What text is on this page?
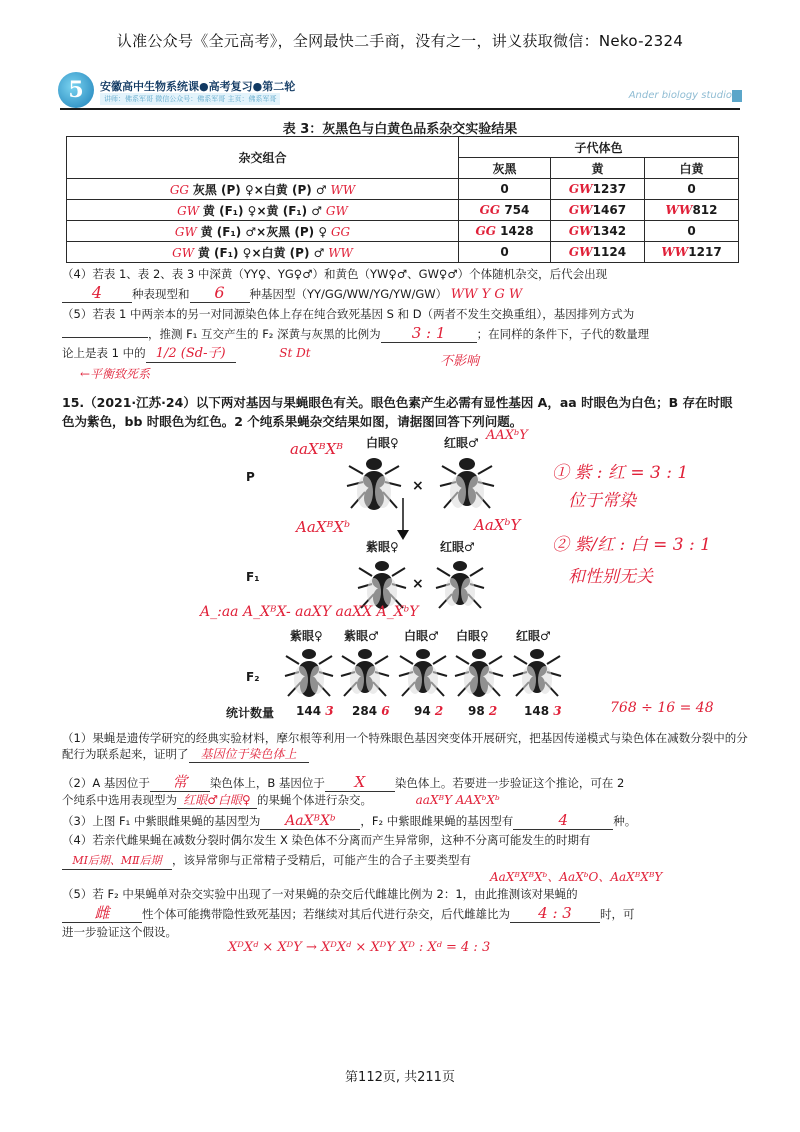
认准公众号《全元高考》，全网最快二手商，没有之一，讲义获取微信：Neko-2324
5	安徽高中生物系统课●高考复习●第二轮
讲师：佛系军哥 微信公众号：佛系军哥 主页：佛系军哥	Ander biology studio
表 3：灰黑色与白黄色品系杂交实验结果
杂交组合	子代体色		
	灰黑	黄	白黄
GG 灰黑 (P) ♀×白黄 (P) ♂ WW	0	GW1237	0
GW 黄 (F₁) ♀×黄 (F₁) ♂ GW	GG 754	GW1467	WW812
GW 黄 (F₁) ♂×灰黑 (P) ♀ GG	GG 1428	GW1342	0
GW 黄 (F₁) ♀×白黄 (P) ♂ WW	0	GW1124	WW1217
（4）若表 1、表 2、表 3 中深黄（YY♀、YG♀♂）和黄色（YW♀♂、GW♀♂）个体随机杂交，后代会出现
4	种表现型和 6 种基因型（YY/GG/WW/YG/YW/GW） WW Y G W
（5）若表 1 中两亲本的另一对同源染色体上存在纯合致死基因 S 和 D（两者不发生交换重组），基因排列方式为
，推测 F₁ 互交产生的 F₂ 深黄与灰黑的比例为 3 : 1	；在同样的条件下，子代的数量理
论上是表 1 中的 1/2 (Sd-子)	St Dt
不影响
←平衡致死系
15.（2021·江苏·24）以下两对基因与果蝇眼色有关。眼色色素产生必需有显性基因 A，aa 时眼色为白色；B 存在时眼色为紫色，bb 时眼色为红色。2 个纯系果蝇杂交结果如图，请据图回答下列问题。
P
F₁
F₂
白眼♀	红眼♂
紫眼♀	红眼♂
×
×
紫眼♀ 紫眼♂ 白眼♂ 白眼♀ 红眼♂
统计数量 144 3 284 6 94 2 98 2 148 3
aaXᴮXᴮ
AAXᵇY
AaXᴮXᵇ	AaXᵇY
A_:aa A_XᴮX- aaXY aaXX A_XᵇY
① 紫 : 红 = 3 : 1
位于常染
② 紫/红 : 白 = 3 : 1
和性别无关
768 ÷ 16 = 48
（1）果蝇是遗传学研究的经典实验材料，摩尔根等利用一个特殊眼色基因突变体开展研究，把基因传递模式与染色体在减数分裂中的分配行为联系起来，证明了 基因位于染色体上
（2）A 基因位于 常 染色体上，B 基因位于 X	染色体上。若要进一步验证这个推论，可在 2
个纯系中选用表现型为 红眼♂白眼♀ 的果蝇个体进行杂交。	aaXᴮY AAXᵇXᵇ
（3）上图 F₁ 中紫眼雌果蝇的基因型为 AaXᴮXᵇ ，F₂ 中紫眼雌果蝇的基因型有	4	种。
（4）若亲代雌果蝇在减数分裂时偶尔发生 X 染色体不分离而产生异常卵，这种不分离可能发生的时期有
MⅠ后期、MⅡ后期 ，该异常卵与正常精子受精后，可能产生的合子主要类型有
AaXᴮXᴮXᵇ、AaXᵇO、AaXᴮXᴮY
（5）若 F₂ 中果蝇单对杂交实验中出现了一对果蝇的杂交后代雌雄比例为 2：1，由此推测该对果蝇的
雌	性个体可能携带隐性致死基因；若继续对其后代进行杂交，后代雌雄比为 4 : 3 时，可
进一步验证这个假设。
XᴰXᵈ × XᴰY → XᴰXᵈ × XᴰY Xᴰ : Xᵈ = 4 : 3
第112页, 共211页
